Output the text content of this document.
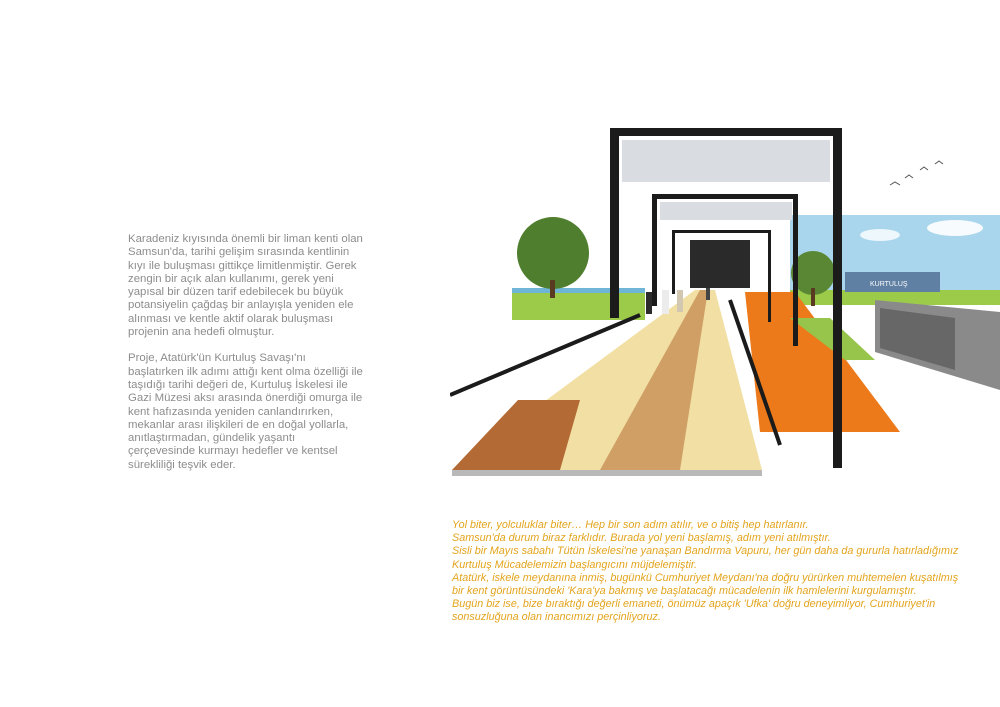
Karadeniz kıyısında önemli bir liman kenti olan Samsun'da, tarihi gelişim sırasında kentlinin kıyı ile buluşması gittikçe limitlenmiştir. Gerek zengin bir açık alan kullanımı, gerek yeni yapısal bir düzen tarif edebilecek bu büyük potansiyelin çağdaş bir anlayışla yeniden ele alınması ve kentle aktif olarak buluşması projenin ana hedefi olmuştur.

Proje, Atatürk'ün Kurtuluş Savaşı'nı başlatırken ilk adımı attığı kent olma özelliği ile taşıdığı tarihi değeri de, Kurtuluş İskelesi ile Gazi Müzesi aksı arasında önerdiği omurga ile kent hafızasında yeniden canlandırırken, mekanlar arası ilişkileri de en doğal yollarla, anıtlaştırmadan, gündelik yaşantı çerçevesinde kurmayı hedefler ve kentsel sürekliliği teşvik eder.

KURTULUŞ

Yol biter, yolculuklar biter… Hep bir son adım atılır, ve o bitiş hep hatırlanır.

Samsun'da durum biraz farklıdır. Burada yol yeni başlamış, adım yeni atılmıştır.

Sisli bir Mayıs sabahı Tütün İskelesi'ne yanaşan Bandırma Vapuru, her gün daha da gururla hatırladığımız Kurtuluş Mücadelemizin başlangıcını müjdelemiştir.

Atatürk, iskele meydanına inmiş, bugünkü Cumhuriyet Meydanı'na doğru yürürken muhtemelen kuşatılmış bir kent görüntüsündeki 'Kara'ya bakmış ve başlatacağı mücadelenin ilk hamlelerini kurgulamıştır.

Bugün biz ise, bize bıraktığı değerli emaneti, önümüz apaçık 'Ufka' doğru deneyimliyor, Cumhuriyet'in sonsuzluğuna olan inancımızı perçinliyoruz.
